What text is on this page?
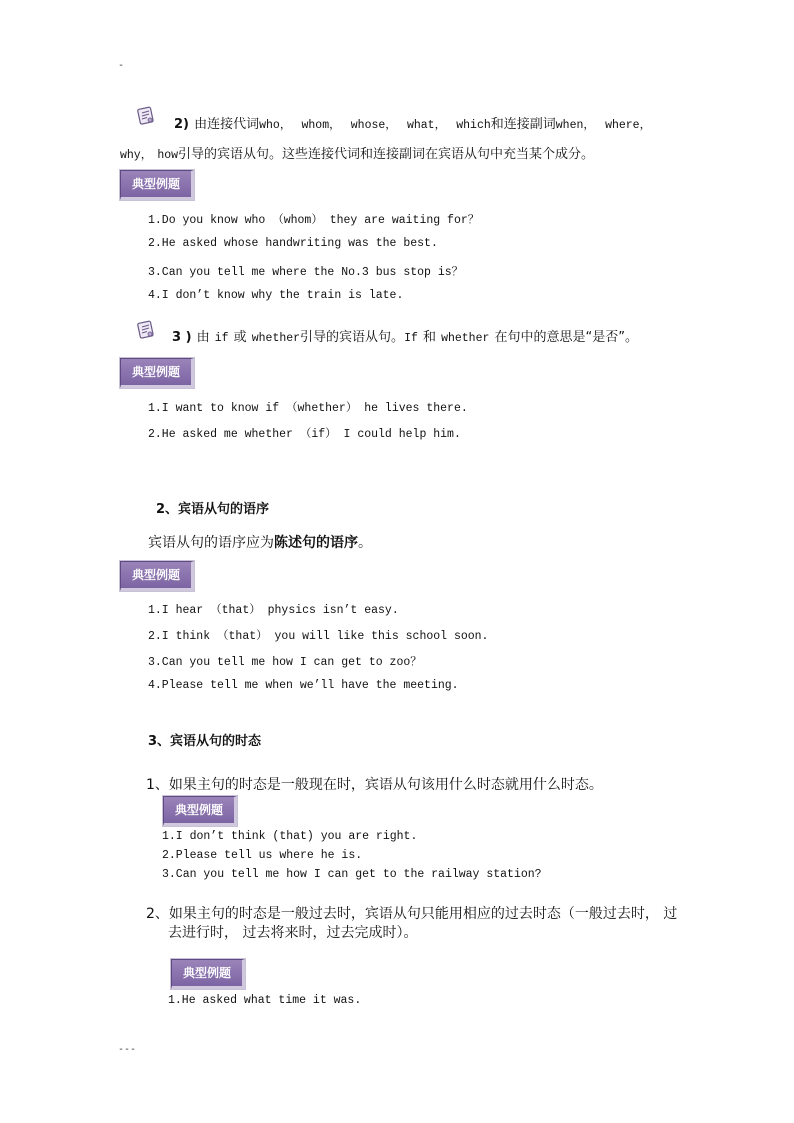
-
---
2) 由连接代词who， whom， whose， what， which和连接副词when， where，
why， how引导的宾语从句。这些连接代词和连接副词在宾语从句中充当某个成分。
典型例题
1.Do you know who （whom） they are waiting for？
2.He asked whose handwriting was the best.
3.Can you tell me where the No.3 bus stop is？
4.I don’t know why the train is late.
3 ) 由 if 或 whether引导的宾语从句。If 和 whether 在句中的意思是“是否”。
典型例题
1.I want to know if （whether） he lives there.
2.He asked me whether （if） I could help him.
2、宾语从句的语序
宾语从句的语序应为陈述句的语序。
典型例题
1.I hear （that） physics isn’t easy.
2.I think （that） you will like this school soon.
3.Can you tell me how I can get to zoo？
4.Please tell me when we’ll have the meeting.
3、宾语从句的时态
1、如果主句的时态是一般现在时，宾语从句该用什么时态就用什么时态。
典型例题
1.I don’t think (that) you are right.
2.Please tell us where he is.
3.Can you tell me how I can get to the railway station?
2、如果主句的时态是一般过去时，宾语从句只能用相应的过去时态（一般过去时， 过
去进行时， 过去将来时，过去完成时）。
典型例题
1.He asked what time it was.
